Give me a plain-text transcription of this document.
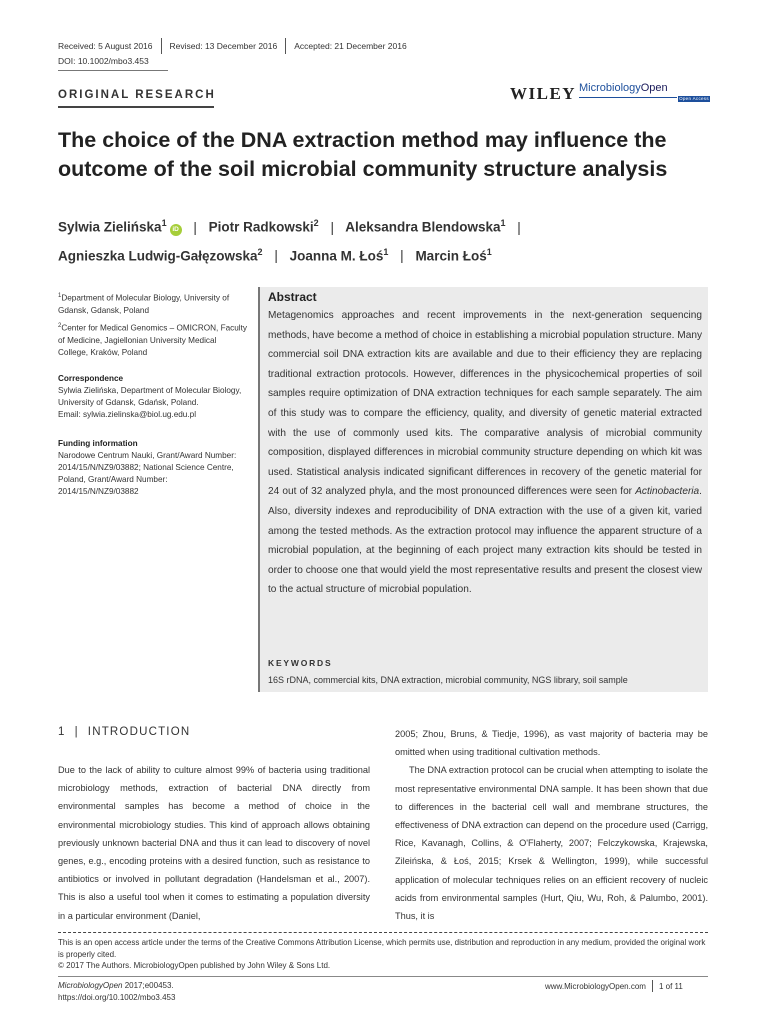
Received: 5 August 2016 Revised: 13 December 2016 Accepted: 21 December 2016
DOI: 10.1002/mbo3.453
ORIGINAL RESEARCH	WILEY MicrobiologyOpen
Open Access
The choice of the DNA extraction method may influence the outcome of the soil microbial community structure analysis
Sylwia Zielińska$^1$iD | Piotr Radkowski$^2$ | Aleksandra Blendowska$^1$ |
Agnieszka Ludwig-Gałęzowska$^2$ | Joanna M. Łoś$^1$ | Marcin Łoś$^1$
$^1$Department of Molecular Biology, University of Gdansk, Gdansk, Poland
$^2$Center for Medical Genomics – OMICRON, Faculty of Medicine, Jagiellonian University Medical College, Kraków, Poland
Correspondence
Sylwia Zielińska, Department of Molecular Biology, University of Gdansk, Gdańsk, Poland.
Email: sylwia.zielinska@biol.ug.edu.pl
Funding information
Narodowe Centrum Nauki, Grant/Award Number: 2014/15/N/NZ9/03882; National Science Centre, Poland, Grant/Award Number: 2014/15/N/NZ9/03882
Abstract
Metagenomics approaches and recent improvements in the next-generation sequencing methods, have become a method of choice in establishing a microbial population structure. Many commercial soil DNA extraction kits are available and due to their efficiency they are replacing traditional extraction protocols. However, differences in the physicochemical properties of soil samples require optimization of DNA extraction techniques for each sample separately. The aim of this study was to compare the efficiency, quality, and diversity of genetic material extracted with the use of commonly used kits. The comparative analysis of microbial community composition, displayed differences in microbial community structure depending on which kit was used. Statistical analysis indicated significant differences in recovery of the genetic material for 24 out of 32 analyzed phyla, and the most pronounced differences were seen for Actinobacteria. Also, diversity indexes and reproducibility of DNA extraction with the use of a given kit, varied among the tested methods. As the extraction protocol may influence the apparent structure of a microbial population, at the beginning of each project many extraction kits should be tested in order to choose one that would yield the most representative results and present the closest view to the actual structure of microbial population.
KEYWORDS
16S rDNA, commercial kits, DNA extraction, microbial community, NGS library, soil sample
1 | INTRODUCTION
Due to the lack of ability to culture almost 99% of bacteria using traditional microbiology methods, extraction of bacterial DNA directly from environmental samples has become a method of choice in the environmental microbiology studies. This kind of approach allows obtaining previously unknown bacterial DNA and thus it can lead to discovery of novel genes, e.g., encoding proteins with a desired function, such as resistance to antibiotics or involved in pollutant degradation (Handelsman et al., 2007). This is also a useful tool when it comes to estimating a population diversity in a particular environment (Daniel,
2005; Zhou, Bruns, & Tiedje, 1996), as vast majority of bacteria may be omitted when using traditional cultivation methods.
The DNA extraction protocol can be crucial when attempting to isolate the most representative environmental DNA sample. It has been shown that due to differences in the bacterial cell wall and membrane structures, the effectiveness of DNA extraction can depend on the procedure used (Carrigg, Rice, Kavanagh, Collins, & O'Flaherty, 2007; Felczykowska, Krajewska, Zileińska, & Łoś, 2015; Krsek & Wellington, 1999), while successful application of molecular techniques relies on an efficient recovery of nucleic acids from environmental samples (Hurt, Qiu, Wu, Roh, & Palumbo, 2001). Thus, it is
This is an open access article under the terms of the Creative Commons Attribution License, which permits use, distribution and reproduction in any medium, provided the original work is properly cited.
© 2017 The Authors. MicrobiologyOpen published by John Wiley & Sons Ltd.
MicrobiologyOpen 2017;e00453.
https://doi.org/10.1002/mbo3.453
www.MicrobiologyOpen.com 1 of 11
